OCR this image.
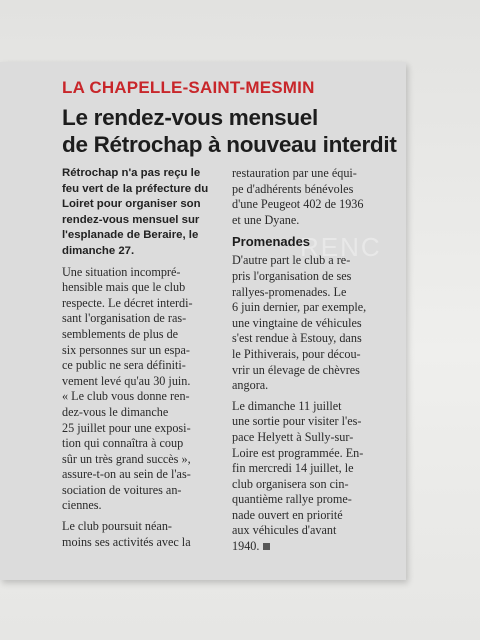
RENC
LA CHAPELLE-SAINT-MESMIN
Le rendez-vous mensuel
de Rétrochap à nouveau interdit
Rétrochap n'a pas reçu le
feu vert de la préfecture du
Loiret pour organiser son
rendez-vous mensuel sur
l'esplanade de Beraire, le
dimanche 27.
Une situation incompré-
hensible mais que le club
respecte. Le décret interdi-
sant l'organisation de ras-
semblements de plus de
six personnes sur un espa-
ce public ne sera définiti-
vement levé qu'au 30 juin.
« Le club vous donne ren-
dez-vous le dimanche
25 juillet pour une exposi-
tion qui connaîtra à coup
sûr un très grand succès »,
assure-t-on au sein de l'as-
sociation de voitures an-
ciennes.
Le club poursuit néan-
moins ses activités avec la
restauration par une équi-
pe d'adhérents bénévoles
d'une Peugeot 402 de 1936
et une Dyane.
Promenades
D'autre part le club a re-
pris l'organisation de ses
rallyes-promenades. Le
6 juin dernier, par exemple,
une vingtaine de véhicules
s'est rendue à Estouy, dans
le Pithiverais, pour décou-
vrir un élevage de chèvres
angora.
Le dimanche 11 juillet
une sortie pour visiter l'es-
pace Helyett à Sully-sur-
Loire est programmée. En-
fin mercredi 14 juillet, le
club organisera son cin-
quantième rallye prome-
nade ouvert en priorité
aux véhicules d'avant
1940.
